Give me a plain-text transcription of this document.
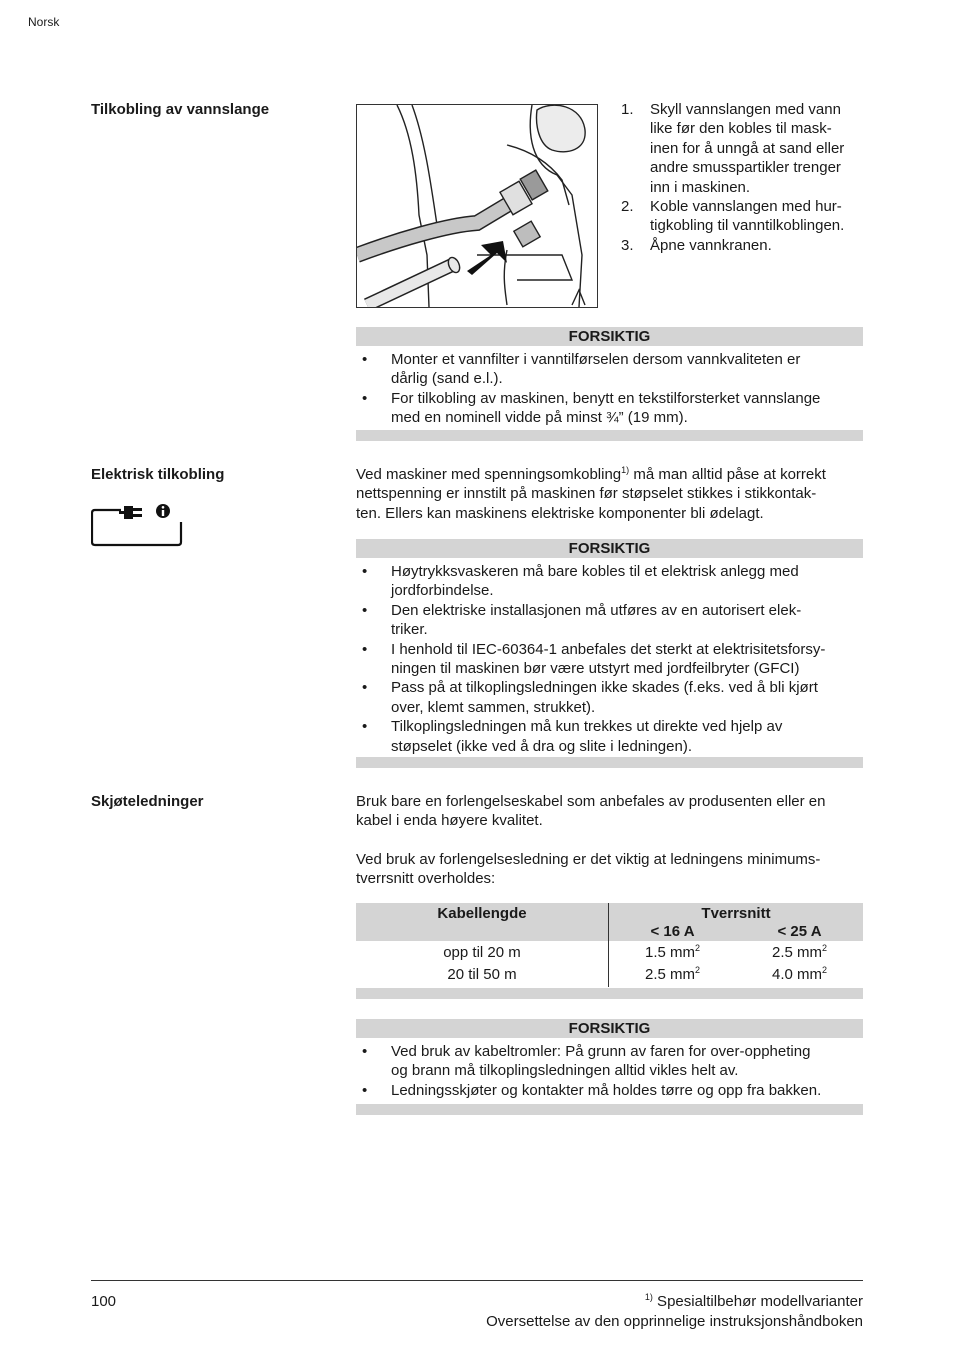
Norsk
Tilkobling av vannslange	1. Skyll vannslangen med vann
like før den kobles til mask-
inen for å unngå at sand eller
andre smusspartikler trenger
inn i maskinen.
2. Koble vannslangen med hur-
tigkobling til vanntilkoblingen.
3. Åpne vannkranen.
FORSIKTIG
• Monter et vannfilter i vanntilførselen dersom vannkvaliteten er
dårlig (sand e.l.).
• For tilkobling av maskinen, benytt en tekstilforsterket vannslange
med en nominell vidde på minst ¾” (19 mm).
Elektrisk tilkobling	Ved maskiner med spenningsomkobling$^{1)}$ må man alltid påse at korrekt
nettspenning er innstilt på maskinen før støpselet stikkes i stikkontak-
ten. Ellers kan maskinens elektriske komponenter bli ødelagt.
FORSIKTIG
• Høytrykksvaskeren må bare kobles til et elektrisk anlegg med
jordforbindelse.
• Den elektriske installasjonen må utføres av en autorisert elek-
triker.
• I henhold til IEC-60364-1 anbefales det sterkt at elektrisitetsforsy-
ningen til maskinen bør være utstyrt med jordfeilbryter (GFCI)
• Pass på at tilkoplingsledningen ikke skades (f.eks. ved å bli kjørt
over, klemt sammen, strukket).
• Tilkoplingsledningen må kun trekkes ut direkte ved hjelp av
støpselet (ikke ved å dra og slite i ledningen).
Skjøteledninger	Bruk bare en forlengelseskabel som anbefales av produsenten eller en
kabel i enda høyere kvalitet.
Ved bruk av forlengelsesledning er det viktig at ledningens minimums-
tverrsnitt overholdes:
Kabellengde	Tverrsnitt
< 16 A	< 25 A
opp til 20 m	1.5 $mm^2$	2.5 $mm^2$
20 til 50 m	2.5 $mm^2$	4.0 $mm^2$
FORSIKTIG
• Ved bruk av kabeltromler: På grunn av faren for over-oppheting
og brann må tilkoplingsledningen alltid vikles helt av.
• Ledningsskjøter og kontakter må holdes tørre og opp fra bakken.
100	$^{1)}$ Spesialtilbehør modellvarianter
Oversettelse av den opprinnelige instruksjonshåndboken
